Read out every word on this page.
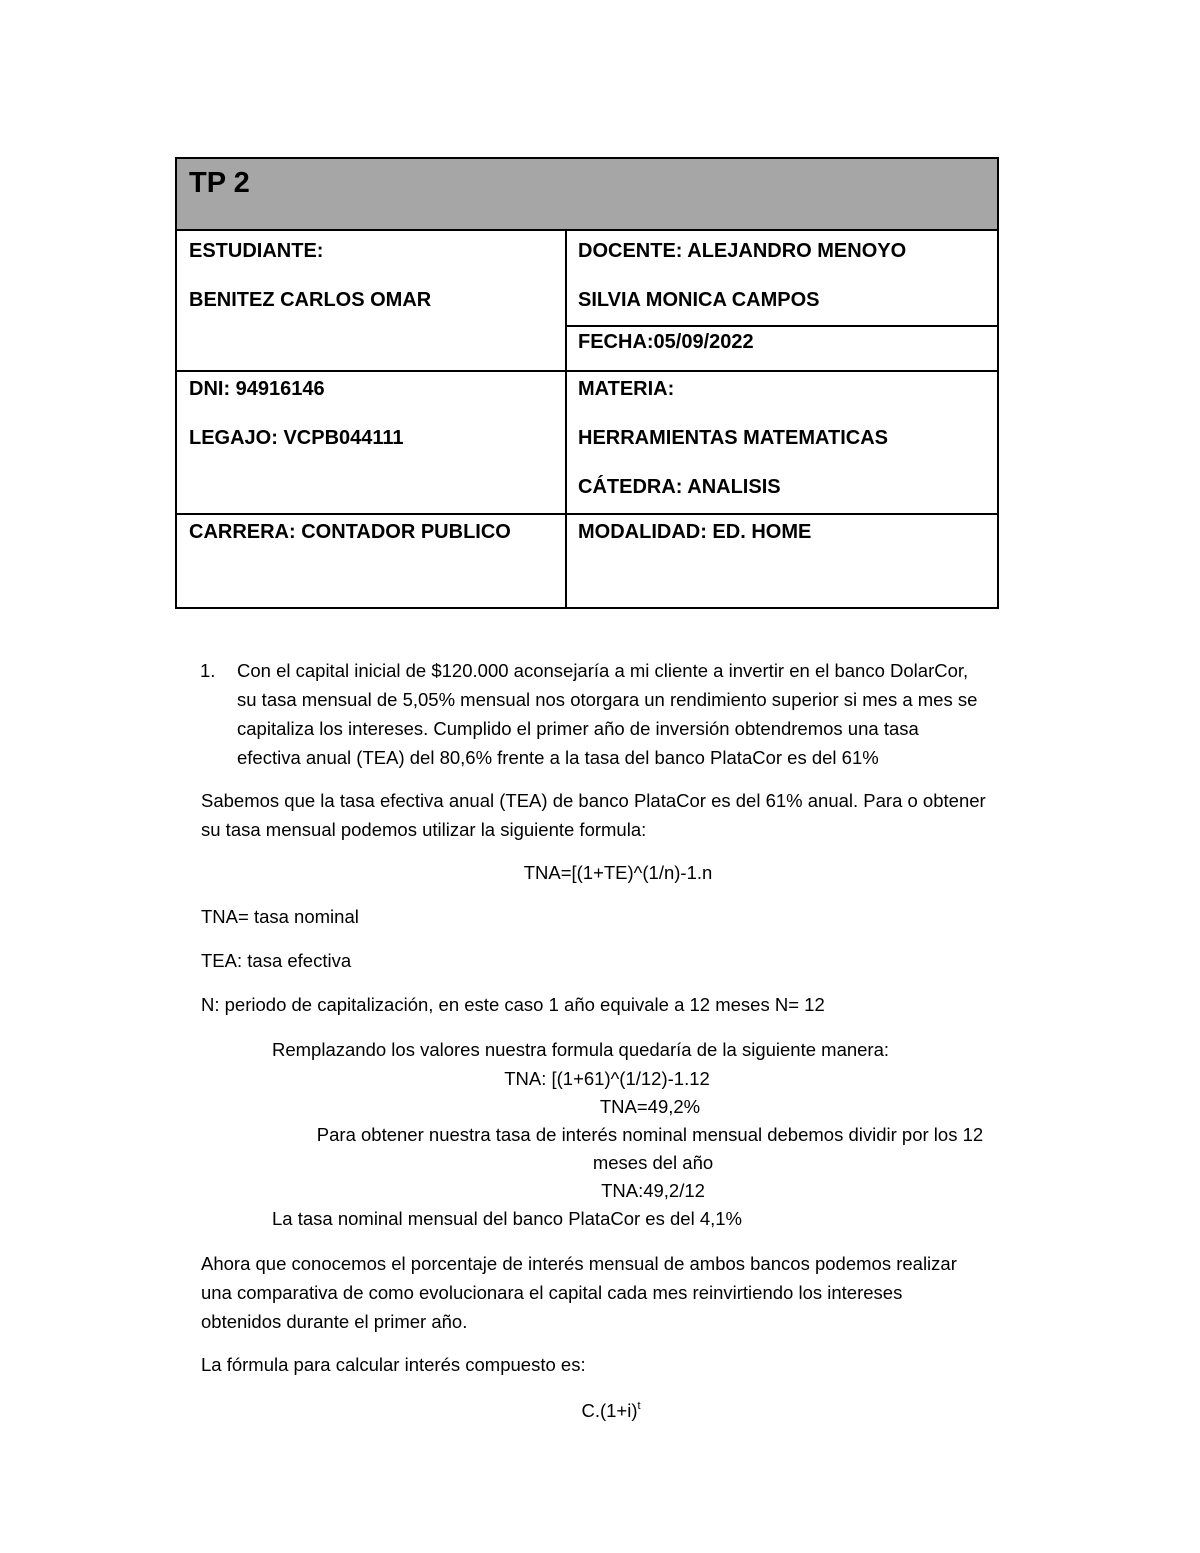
TP 2
ESTUDIANTE:
BENITEZ CARLOS OMAR
DOCENTE: ALEJANDRO MENOYO
SILVIA MONICA CAMPOS
FECHA:05/09/2022
DNI: 94916146
LEGAJO: VCPB044111
MATERIA:
HERRAMIENTAS MATEMATICAS
CÁTEDRA: ANALISIS
CARRERA: CONTADOR PUBLICO	MODALIDAD: ED. HOME
1. Con el capital inicial de $120.000 aconsejaría a mi cliente a invertir en el banco DolarCor,
su tasa mensual de 5,05% mensual nos otorgara un rendimiento superior si mes a mes se
capitaliza los intereses. Cumplido el primer año de inversión obtendremos una tasa
efectiva anual (TEA) del 80,6% frente a la tasa del banco PlataCor es del 61%
Sabemos que la tasa efectiva anual (TEA) de banco PlataCor es del 61% anual. Para o obtener
su tasa mensual podemos utilizar la siguiente formula:
TNA=[(1+TE)^(1/n)-1.n
TNA= tasa nominal
TEA: tasa efectiva
N: periodo de capitalización, en este caso 1 año equivale a 12 meses N= 12
Remplazando los valores nuestra formula quedaría de la siguiente manera:
TNA: [(1+61)^(1/12)-1.12
TNA=49,2%
Para obtener nuestra tasa de interés nominal mensual debemos dividir por los 12
meses del año
TNA:49,2/12
La tasa nominal mensual del banco PlataCor es del 4,1%
Ahora que conocemos el porcentaje de interés mensual de ambos bancos podemos realizar
una comparativa de como evolucionara el capital cada mes reinvirtiendo los intereses
obtenidos durante el primer año.
La fórmula para calcular interés compuesto es:
$C.(1+i)^t$
